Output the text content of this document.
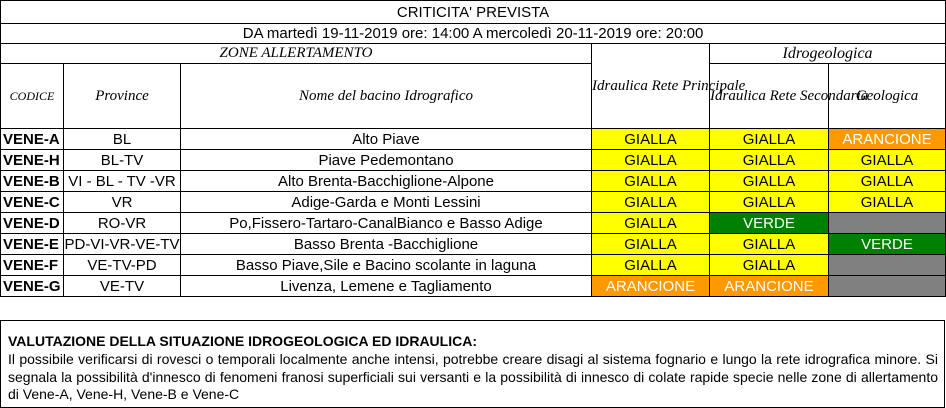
CRITICITA' PREVISTA					
DA martedì 19-11-2019 ore: 14:00 A mercoledì 20-11-2019 ore: 20:00					
ZONE ALLERTAMENTO			Idraulica Rete Principale	Idrogeologica	
CODICE	Province	Nome del bacino Idrografico		Idraulica Rete Secondaria	Geologica
VENE-A	BL	Alto Piave	GIALLA	GIALLA	ARANCIONE
VENE-H	BL-TV	Piave Pedemontano	GIALLA	GIALLA	GIALLA
VENE-B	VI - BL - TV -VR	Alto Brenta-Bacchiglione-Alpone	GIALLA	GIALLA	GIALLA
VENE-C	VR	Adige-Garda e Monti Lessini	GIALLA	GIALLA	GIALLA
VENE-D	RO-VR	Po,Fissero-Tartaro-CanalBianco e Basso Adige	GIALLA	VERDE	
VENE-E	PD-VI-VR-VE-TV	Basso Brenta -Bacchiglione	GIALLA	GIALLA	VERDE
VENE-F	VE-TV-PD	Basso Piave,Sile e Bacino scolante in laguna	GIALLA	GIALLA	
VENE-G	VE-TV	Livenza, Lemene e Tagliamento	ARANCIONE	ARANCIONE	
VALUTAZIONE DELLA SITUAZIONE IDROGEOLOGICA ED IDRAULICA:
Il possibile verificarsi di rovesci o temporali localmente anche intensi, potrebbe creare disagi al sistema fognario e lungo la rete idrografica minore. Si segnala la possibilità d'innesco di fenomeni franosi superficiali sui versanti e la possibilità di innesco di colate rapide specie nelle zone di allertamento di Vene-A, Vene-H, Vene-B e Vene-C
